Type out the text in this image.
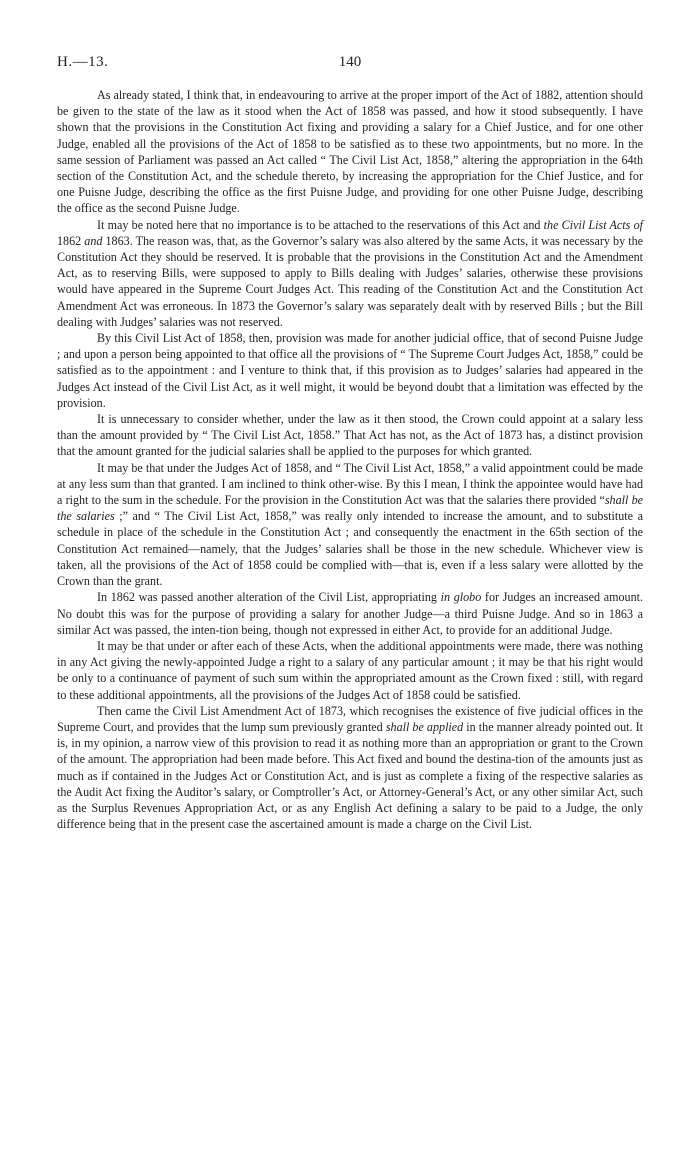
H.—13.	140

As already stated, I think that, in endeavouring to arrive at the proper import of the Act of 1882, attention should be given to the state of the law as it stood when the Act of 1858 was passed, and how it stood subsequently. I have shown that the provisions in the Constitution Act fixing and providing a salary for a Chief Justice, and for one other Judge, enabled all the provisions of the Act of 1858 to be satisfied as to these two appointments, but no more. In the same session of Parliament was passed an Act called “ The Civil List Act, 1858,” altering the appropriation in the 64th section of the Constitution Act, and the schedule thereto, by increasing the appropriation for the Chief Justice, and for one Puisne Judge, describing the office as the first Puisne Judge, and providing for one other Puisne Judge, describing the office as the second Puisne Judge.

It may be noted here that no importance is to be attached to the reservations of this Act and the Civil List Acts of 1862 and 1863. The reason was, that, as the Governor’s salary was also altered by the same Acts, it was necessary by the Constitution Act they should be reserved. It is probable that the provisions in the Constitution Act and the Amendment Act, as to reserving Bills, were supposed to apply to Bills dealing with Judges’ salaries, otherwise these provisions would have appeared in the Supreme Court Judges Act. This reading of the Constitution Act and the Constitution Act Amendment Act was erroneous. In 1873 the Governor’s salary was separately dealt with by reserved Bills ; but the Bill dealing with Judges’ salaries was not reserved.

By this Civil List Act of 1858, then, provision was made for another judicial office, that of second Puisne Judge ; and upon a person being appointed to that office all the provisions of “ The Supreme Court Judges Act, 1858,” could be satisfied as to the appointment : and I venture to think that, if this provision as to Judges’ salaries had appeared in the Judges Act instead of the Civil List Act, as it well might, it would be beyond doubt that a limitation was effected by the provision.

It is unnecessary to consider whether, under the law as it then stood, the Crown could appoint at a salary less than the amount provided by “ The Civil List Act, 1858.” That Act has not, as the Act of 1873 has, a distinct provision that the amount granted for the judicial salaries shall be applied to the purposes for which granted.

It may be that under the Judges Act of 1858, and “ The Civil List Act, 1858,” a valid appointment could be made at any less sum than that granted. I am inclined to think other-wise. By this I mean, I think the appointee would have had a right to the sum in the schedule. For the provision in the Constitution Act was that the salaries there provided “shall be the salaries ;” and “ The Civil List Act, 1858,” was really only intended to increase the amount, and to substitute a schedule in place of the schedule in the Constitution Act ; and consequently the enactment in the 65th section of the Constitution Act remained—namely, that the Judges’ salaries shall be those in the new schedule. Whichever view is taken, all the provisions of the Act of 1858 could be complied with—that is, even if a less salary were allotted by the Crown than the grant.

In 1862 was passed another alteration of the Civil List, appropriating in globo for Judges an increased amount. No doubt this was for the purpose of providing a salary for another Judge—a third Puisne Judge. And so in 1863 a similar Act was passed, the inten-tion being, though not expressed in either Act, to provide for an additional Judge.

It may be that under or after each of these Acts, when the additional appointments were made, there was nothing in any Act giving the newly-appointed Judge a right to a salary of any particular amount ; it may be that his right would be only to a continuance of payment of such sum within the appropriated amount as the Crown fixed : still, with regard to these additional appointments, all the provisions of the Judges Act of 1858 could be satisfied.

Then came the Civil List Amendment Act of 1873, which recognises the existence of five judicial offices in the Supreme Court, and provides that the lump sum previously granted shall be applied in the manner already pointed out. It is, in my opinion, a narrow view of this provision to read it as nothing more than an appropriation or grant to the Crown of the amount. The appropriation had been made before. This Act fixed and bound the destina-tion of the amounts just as much as if contained in the Judges Act or Constitution Act, and is just as complete a fixing of the respective salaries as the Audit Act fixing the Auditor’s salary, or Comptroller’s Act, or Attorney-General’s Act, or any other similar Act, such as the Surplus Revenues Appropriation Act, or as any English Act defining a salary to be paid to a Judge, the only difference being that in the present case the ascertained amount is made a charge on the Civil List.
